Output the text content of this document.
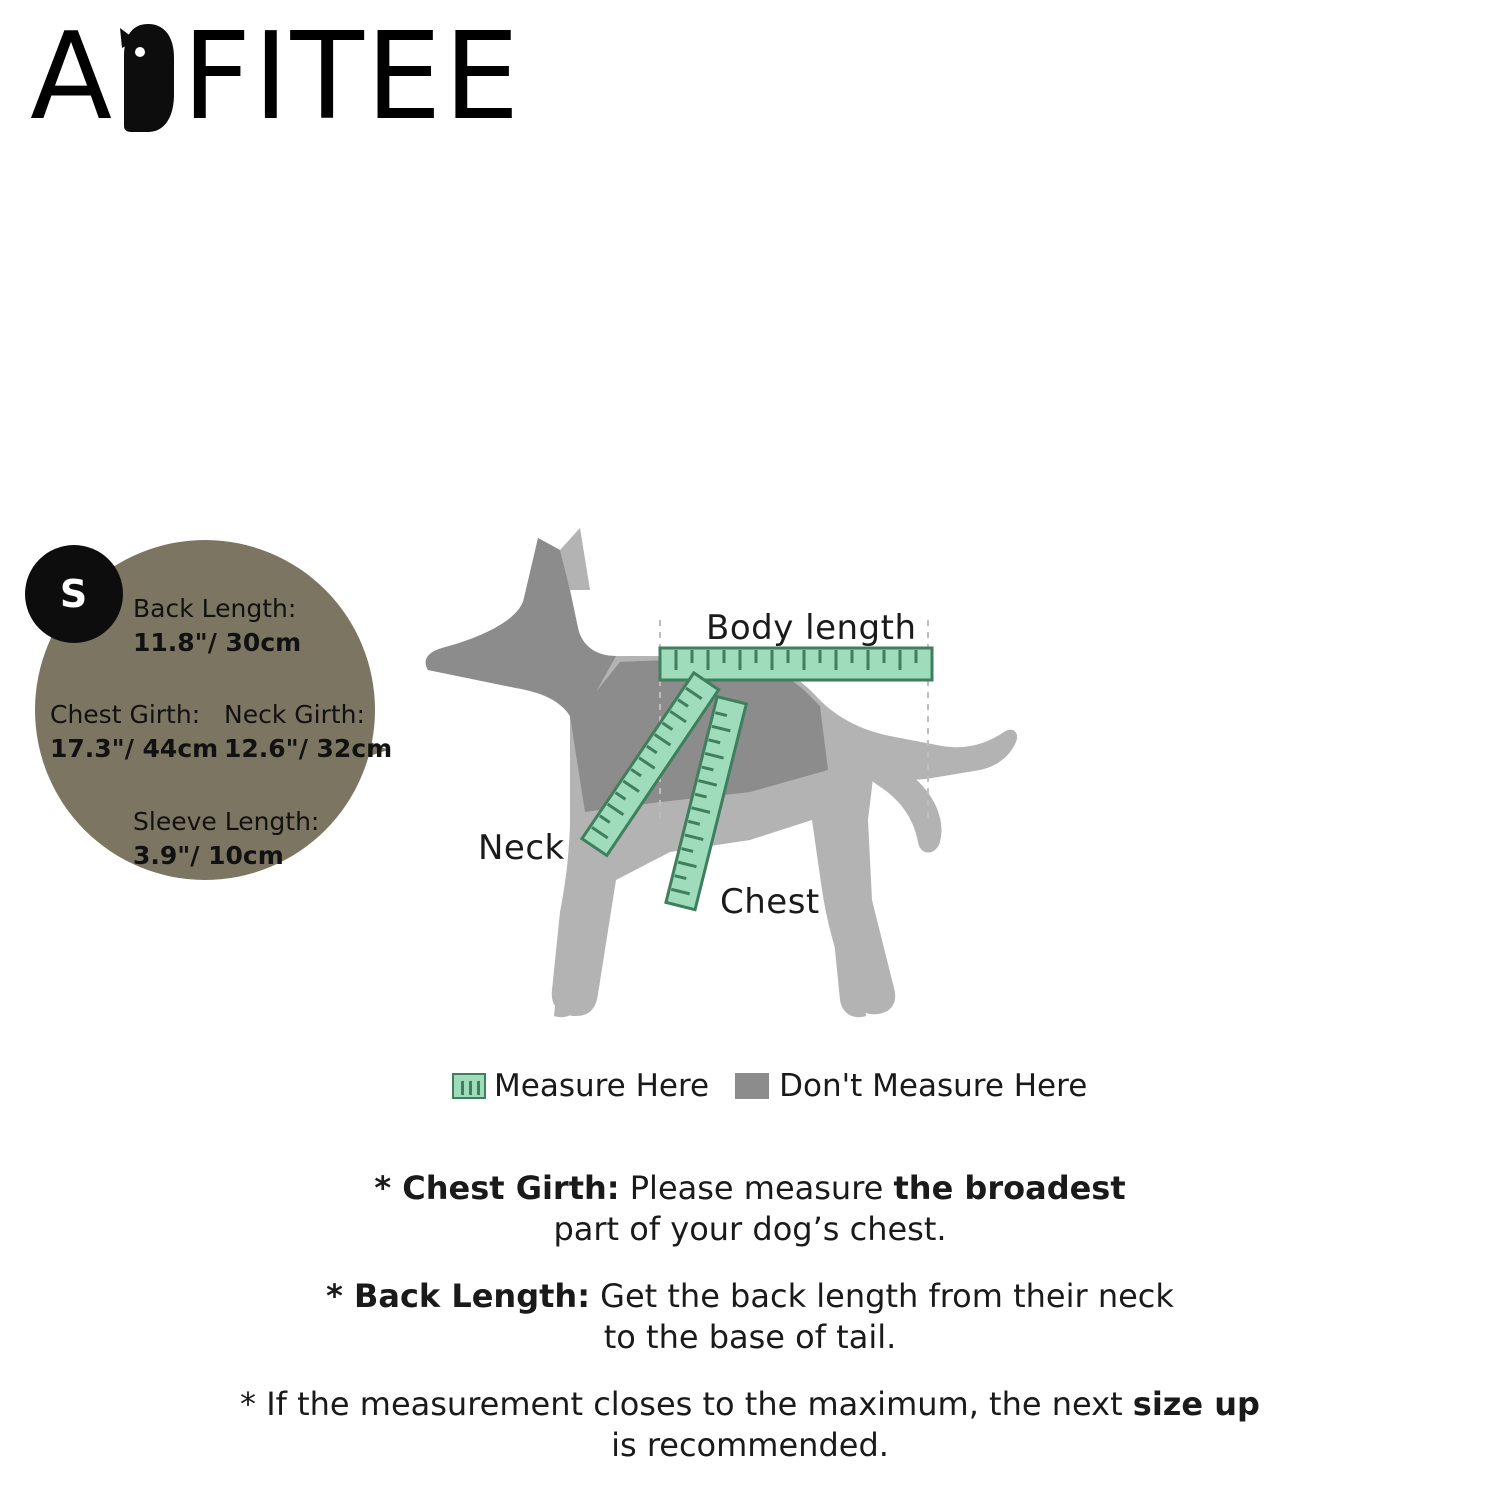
A FITEE
S	Back Length:
11.8"/ 30cm
Chest Girth:
17.3"/ 44cm
Neck Girth:
12.6"/ 32cm
Sleeve Length:
3.9"/ 10cm
Body length
Neck
Chest
Measure Here Don't Measure Here
* Chest Girth: Please measure the broadest
part of your dog’s chest.
* Back Length: Get the back length from their neck
to the base of tail.
* If the measurement closes to the maximum, the next size up
is recommended.
